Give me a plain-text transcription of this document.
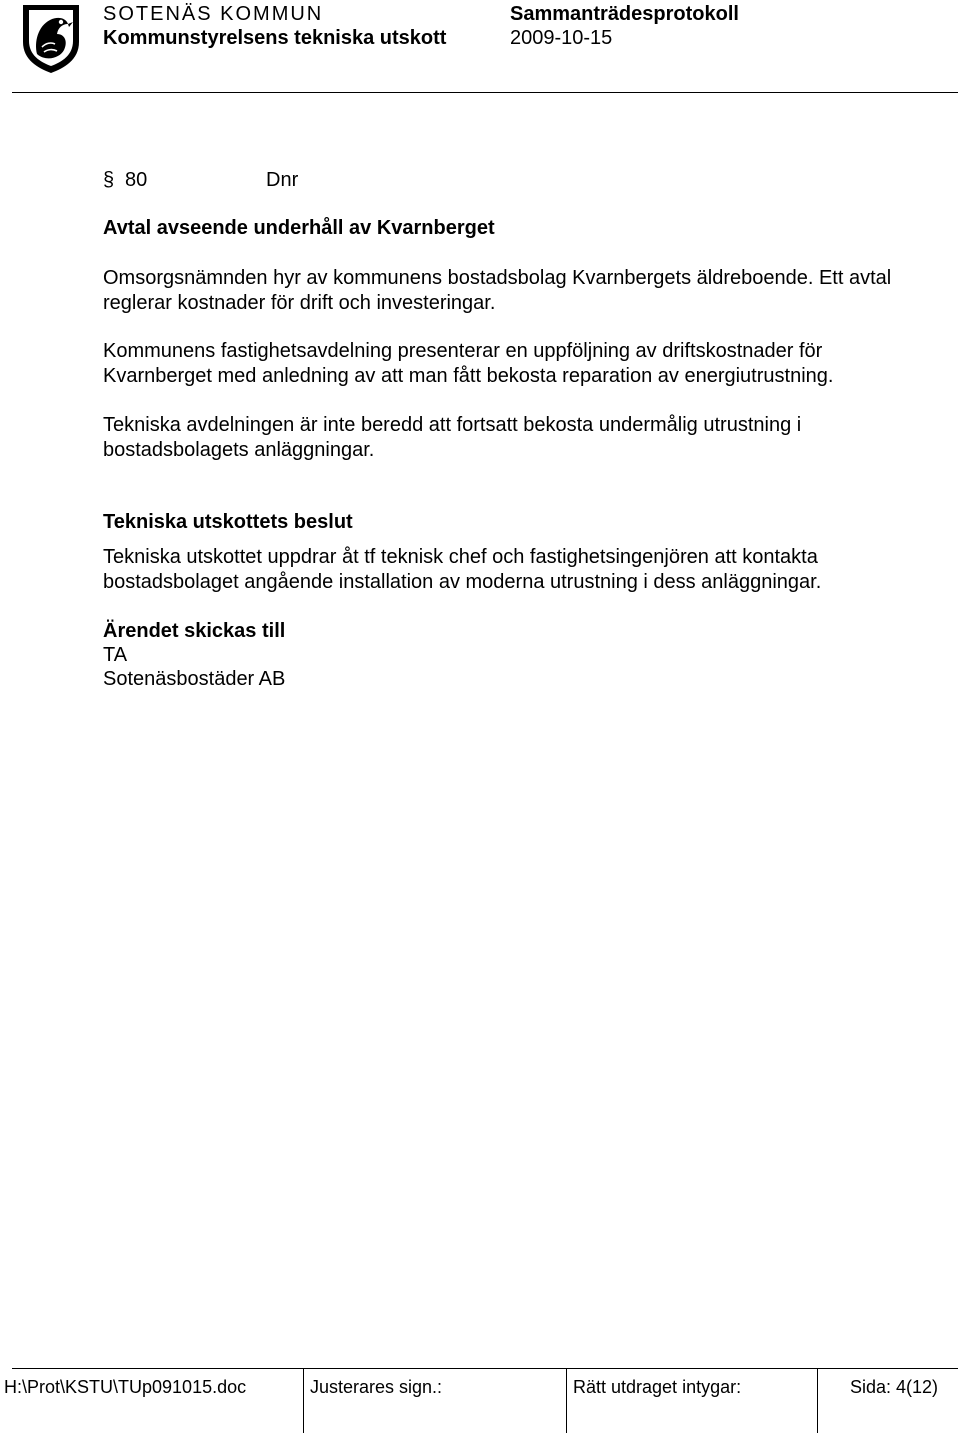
SOTENÄS KOMMUN
Kommunstyrelsens tekniska utskott
Sammanträdesprotokoll
2009-10-15
§ 80	Dnr
Avtal avseende underhåll av Kvarnberget
Omsorgsnämnden hyr av kommunens bostadsbolag Kvarnbergets äldreboende. Ett avtal reglerar kostnader för drift och investeringar.
Kommunens fastighetsavdelning presenterar en uppföljning av driftskostnader för Kvarnberget med anledning av att man fått bekosta reparation av energiutrustning.
Tekniska avdelningen är inte beredd att fortsatt bekosta undermålig utrustning i bostadsbolagets anläggningar.
Tekniska utskottets beslut
Tekniska utskottet uppdrar åt tf teknisk chef och fastighetsingenjören att kontakta bostadsbolaget angående installation av moderna utrustning i dess anläggningar.
Ärendet skickas till
TA
Sotenäsbostäder AB
H:\Prot\KSTU\TUp091015.doc	Justerares sign.:	Rätt utdraget intygar:	Sida: 4(12)
